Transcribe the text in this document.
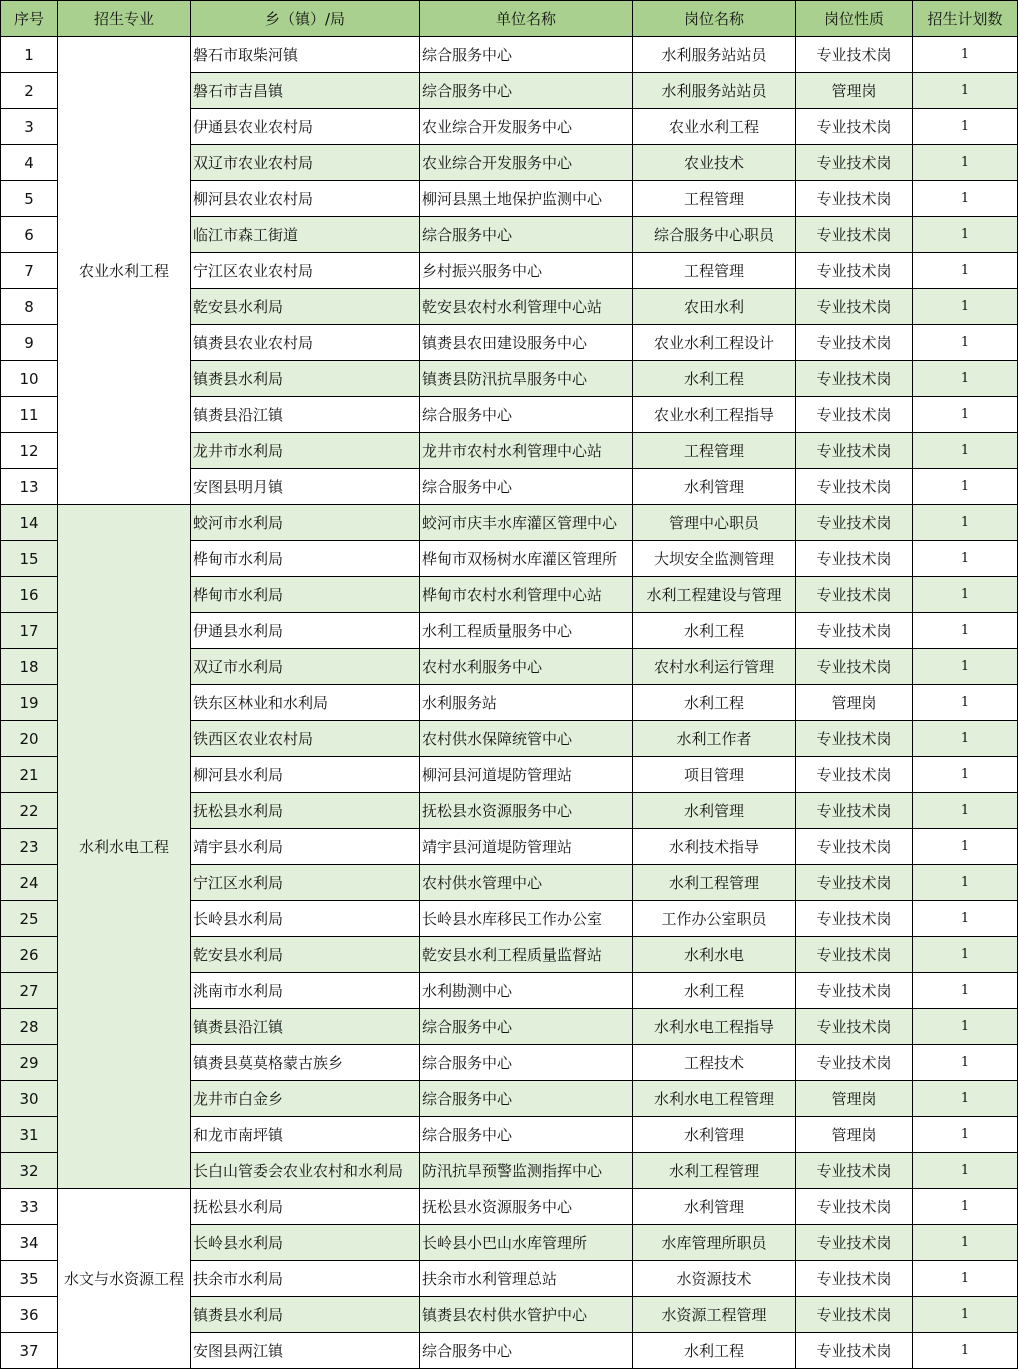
序号	招生专业	乡（镇）/局	单位名称	岗位名称	岗位性质	招生计划数
1	农业水利工程	磐石市取柴河镇	综合服务中心	水利服务站站员	专业技术岗	1
2		磐石市吉昌镇	综合服务中心	水利服务站站员	管理岗	1
3		伊通县农业农村局	农业综合开发服务中心	农业水利工程	专业技术岗	1
4		双辽市农业农村局	农业综合开发服务中心	农业技术	专业技术岗	1
5		柳河县农业农村局	柳河县黑土地保护监测中心	工程管理	专业技术岗	1
6		临江市森工街道	综合服务中心	综合服务中心职员	专业技术岗	1
7		宁江区农业农村局	乡村振兴服务中心	工程管理	专业技术岗	1
8		乾安县水利局	乾安县农村水利管理中心站	农田水利	专业技术岗	1
9		镇赉县农业农村局	镇赉县农田建设服务中心	农业水利工程设计	专业技术岗	1
10		镇赉县水利局	镇赉县防汛抗旱服务中心	水利工程	专业技术岗	1
11		镇赉县沿江镇	综合服务中心	农业水利工程指导	专业技术岗	1
12		龙井市水利局	龙井市农村水利管理中心站	工程管理	专业技术岗	1
13		安图县明月镇	综合服务中心	水利管理	专业技术岗	1
14	水利水电工程	蛟河市水利局	蛟河市庆丰水库灌区管理中心	管理中心职员	专业技术岗	1
15		桦甸市水利局	桦甸市双杨树水库灌区管理所	大坝安全监测管理	专业技术岗	1
16		桦甸市水利局	桦甸市农村水利管理中心站	水利工程建设与管理	专业技术岗	1
17		伊通县水利局	水利工程质量服务中心	水利工程	专业技术岗	1
18		双辽市水利局	农村水利服务中心	农村水利运行管理	专业技术岗	1
19		铁东区林业和水利局	水利服务站	水利工程	管理岗	1
20		铁西区农业农村局	农村供水保障统管中心	水利工作者	专业技术岗	1
21		柳河县水利局	柳河县河道堤防管理站	项目管理	专业技术岗	1
22		抚松县水利局	抚松县水资源服务中心	水利管理	专业技术岗	1
23		靖宇县水利局	靖宇县河道堤防管理站	水利技术指导	专业技术岗	1
24		宁江区水利局	农村供水管理中心	水利工程管理	专业技术岗	1
25		长岭县水利局	长岭县水库移民工作办公室	工作办公室职员	专业技术岗	1
26		乾安县水利局	乾安县水利工程质量监督站	水利水电	专业技术岗	1
27		洮南市水利局	水利勘测中心	水利工程	专业技术岗	1
28		镇赉县沿江镇	综合服务中心	水利水电工程指导	专业技术岗	1
29		镇赉县莫莫格蒙古族乡	综合服务中心	工程技术	专业技术岗	1
30		龙井市白金乡	综合服务中心	水利水电工程管理	管理岗	1
31		和龙市南坪镇	综合服务中心	水利管理	管理岗	1
32		长白山管委会农业农村和水利局	防汛抗旱预警监测指挥中心	水利工程管理	专业技术岗	1
33	水文与水资源工程	抚松县水利局	抚松县水资源服务中心	水利管理	专业技术岗	1
34		长岭县水利局	长岭县小巴山水库管理所	水库管理所职员	专业技术岗	1
35		扶余市水利局	扶余市水利管理总站	水资源技术	专业技术岗	1
36		镇赉县水利局	镇赉县农村供水管护中心	水资源工程管理	专业技术岗	1
37		安图县两江镇	综合服务中心	水利工程	专业技术岗	1
